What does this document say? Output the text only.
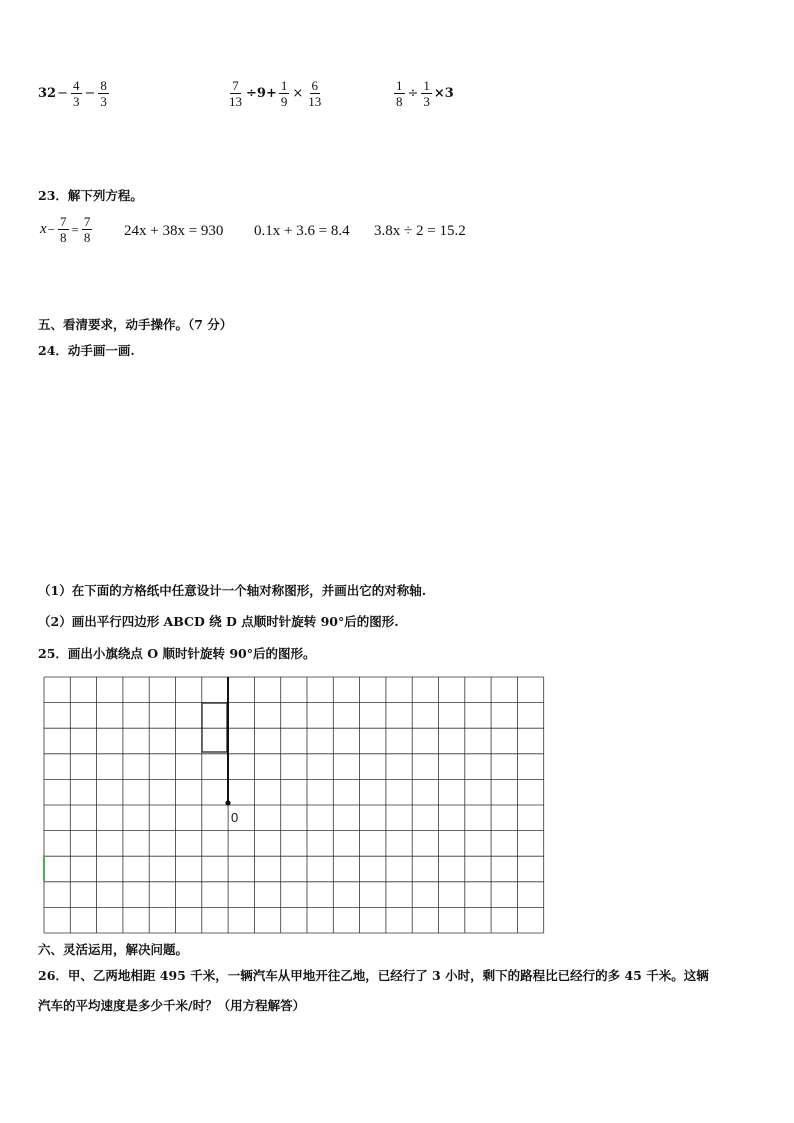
$32 - \frac{4}{3} - \frac{8}{3}$	$\frac{7}{13} \div 9+ \frac{1}{9} \times \frac{6}{13}$	$\frac{1}{8} \div \frac{1}{3} \times 3$
23．解下列方程。
$x - \frac{7}{8} = \frac{7}{8} 24x + 38x = 930$ 0.1x + 3.6 = 8.4 3.8x ÷ 2 = 15.2
五、看清要求，动手操作。（7 分）
24．动手画一画.
（1）在下面的方格纸中任意设计一个轴对称图形，并画出它的对称轴.
（2）画出平行四边形 ABCD 绕 D 点顺时针旋转 90°后的图形.
25．画出小旗绕点 O 顺时针旋转 90°后的图形。
0
六、灵活运用，解决问题。
26．甲、乙两地相距 495 千米，一辆汽车从甲地开往乙地，已经行了 3 小时，剩下的路程比已经行的多 45 千米。这辆
汽车的平均速度是多少千米/时？（用方程解答）
